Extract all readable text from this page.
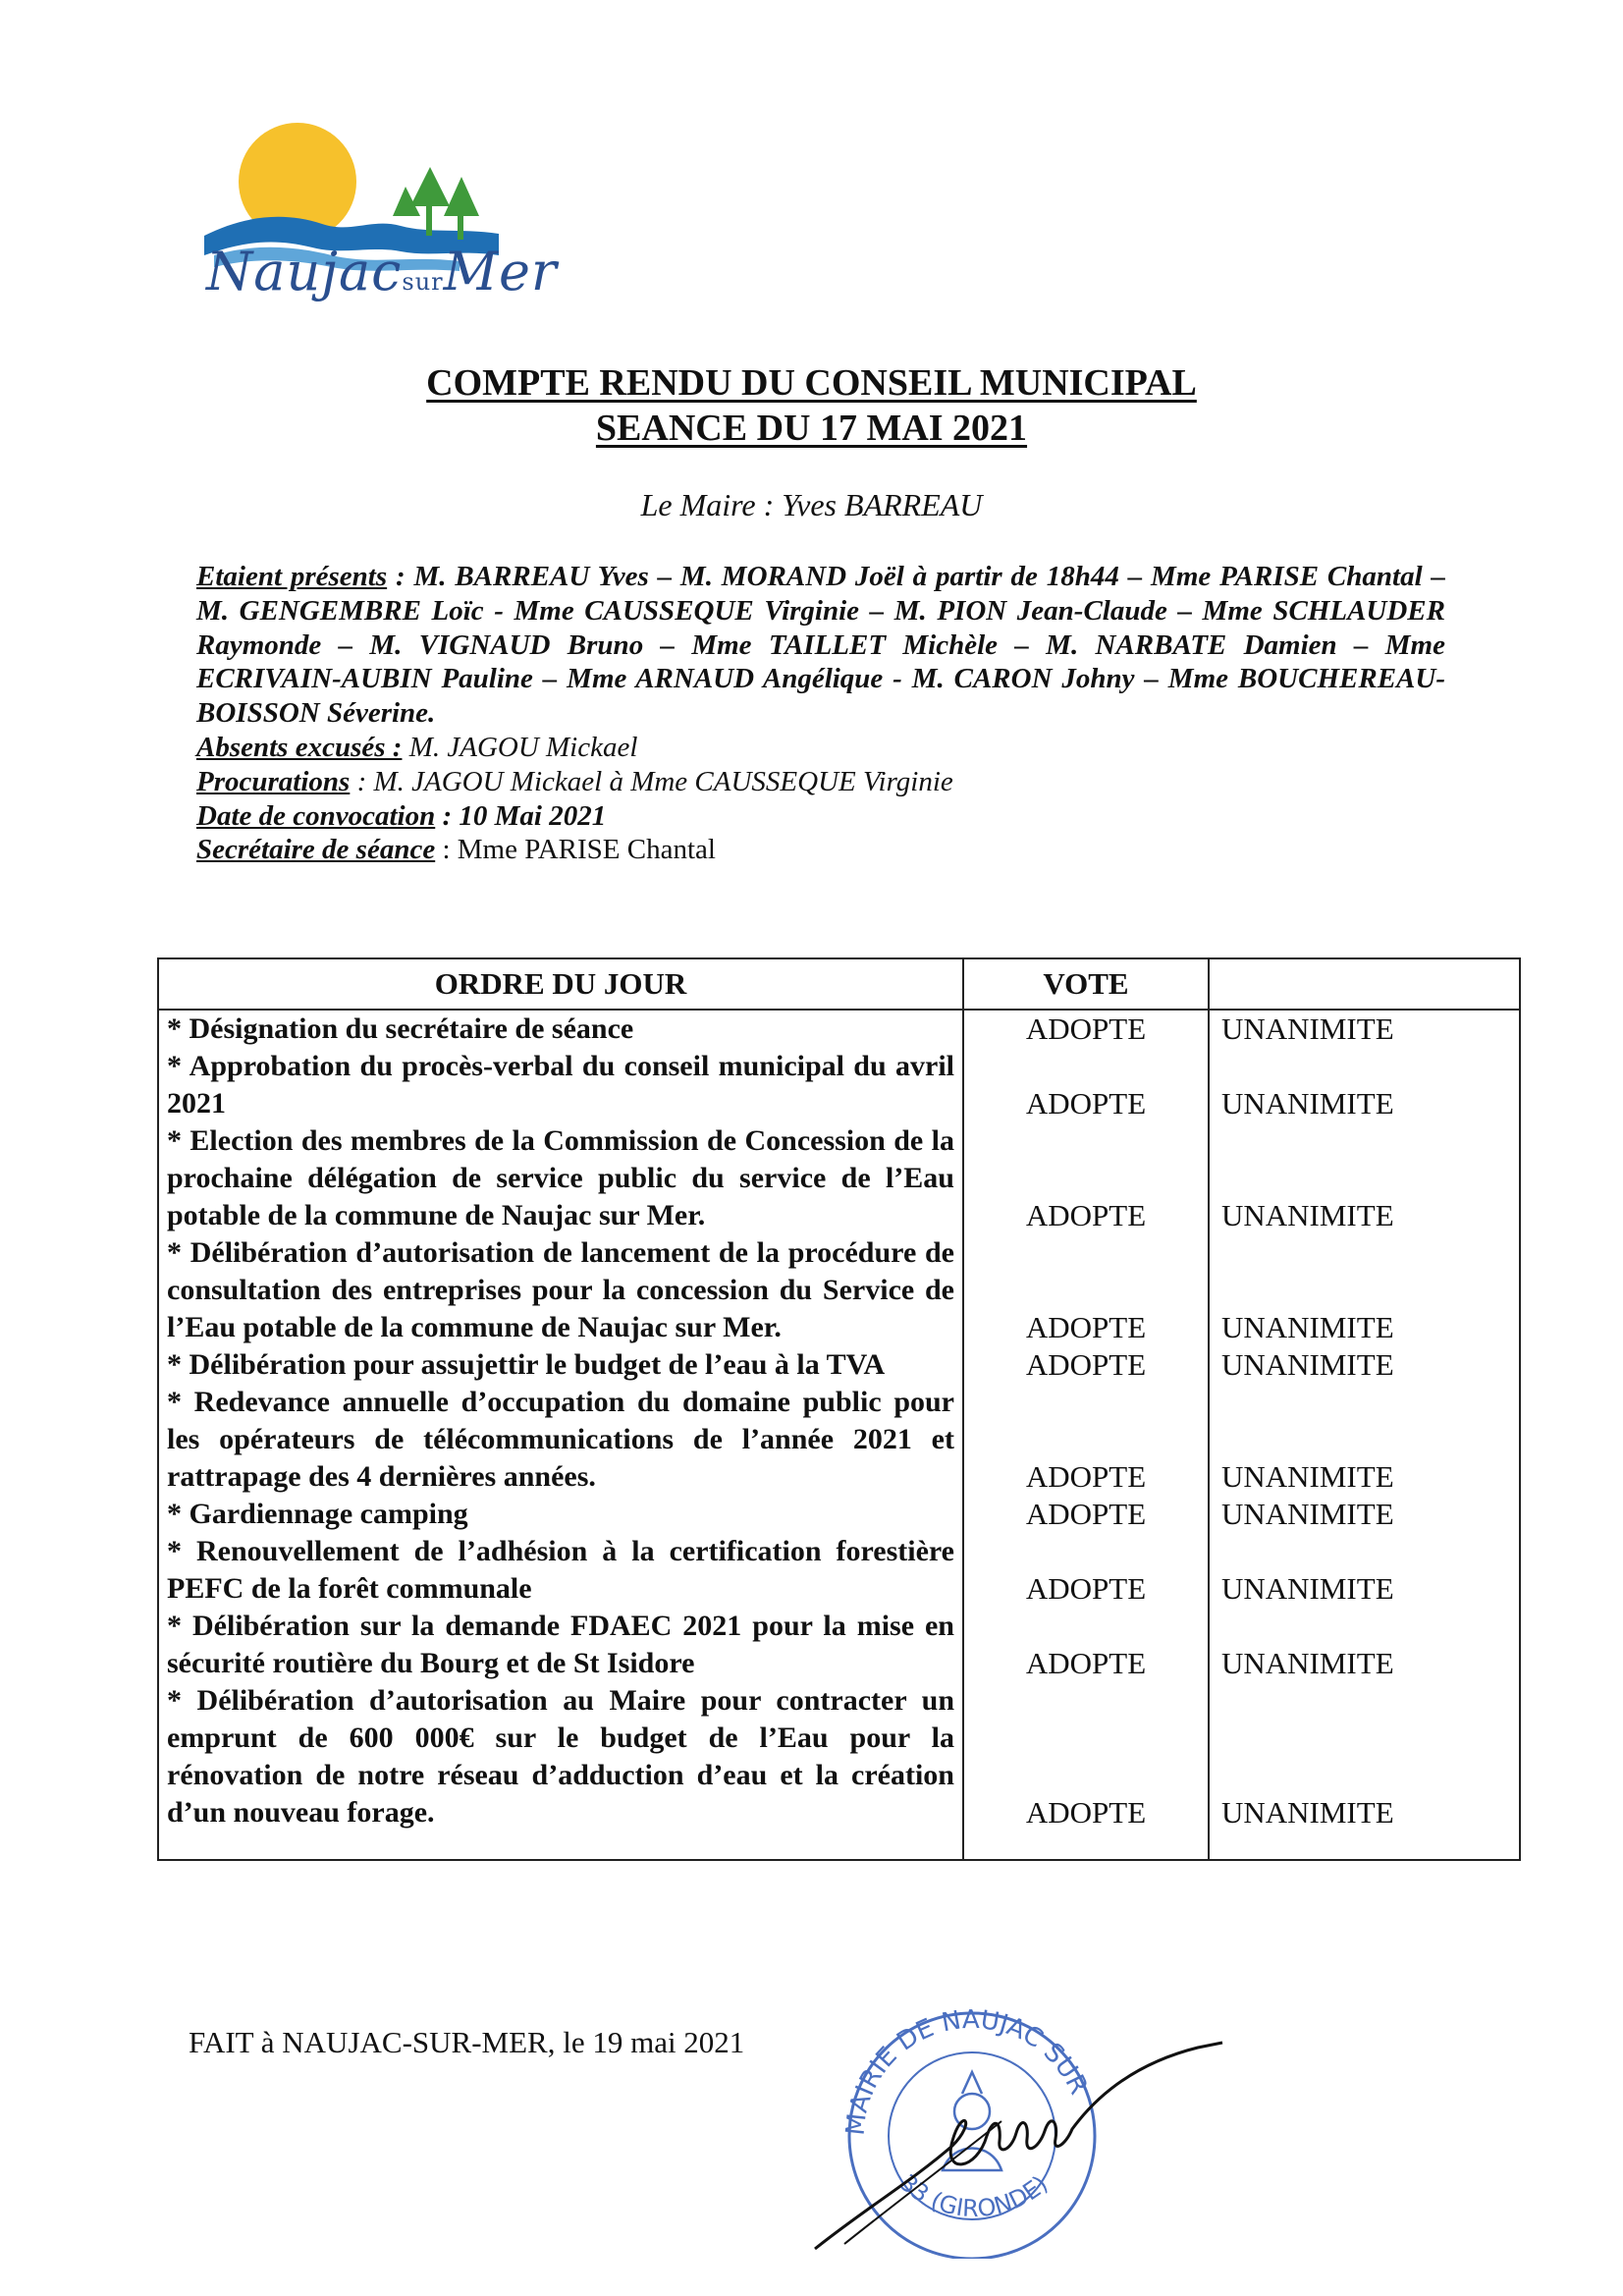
NaujacsurMer
COMPTE RENDU DU CONSEIL MUNICIPAL
SEANCE DU 17 MAI 2021
Le Maire : Yves BARREAU
Etaient présents : M. BARREAU Yves – M. MORAND Joël à partir de 18h44 – Mme PARISE Chantal – M. GENGEMBRE Loïc - Mme CAUSSEQUE Virginie – M. PION Jean-Claude – Mme SCHLAUDER Raymonde – M. VIGNAUD Bruno – Mme TAILLET Michèle – M. NARBATE Damien – Mme ECRIVAIN-AUBIN Pauline – Mme ARNAUD Angélique - M. CARON Johny – Mme BOUCHEREAU-BOISSON Séverine.
Absents excusés : M. JAGOU Mickael
Procurations : M. JAGOU Mickael à Mme CAUSSEQUE Virginie
Date de convocation : 10 Mai 2021
Secrétaire de séance : Mme PARISE Chantal
ORDRE DU JOUR	VOTE	
* Désignation du secrétaire de séance	ADOPTE	UNANIMITE
* Approbation du procès-verbal du conseil municipal du avril 2021	ADOPTE	UNANIMITE
* Election des membres de la Commission de Concession de la prochaine délégation de service public du service de l’Eau potable de la commune de Naujac sur Mer.	ADOPTE	UNANIMITE
* Délibération d’autorisation de lancement de la procédure de consultation des entreprises pour la concession du Service de l’Eau potable de la commune de Naujac sur Mer.	ADOPTE	UNANIMITE
* Délibération pour assujettir le budget de l’eau à la TVA	ADOPTE	UNANIMITE
* Redevance annuelle d’occupation du domaine public pour les opérateurs de télécommunications de l’année 2021 et rattrapage des 4 dernières années.	ADOPTE	UNANIMITE
* Gardiennage camping	ADOPTE	UNANIMITE
* Renouvellement de l’adhésion à la certification forestière PEFC de la forêt communale	ADOPTE	UNANIMITE
* Délibération sur la demande FDAEC 2021 pour la mise en sécurité routière du Bourg et de St Isidore	ADOPTE	UNANIMITE
* Délibération d’autorisation au Maire pour contracter un emprunt de 600 000€ sur le budget de l’Eau pour la rénovation de notre réseau d’adduction d’eau et la création d’un nouveau forage.	ADOPTE	UNANIMITE
FAIT à NAUJAC-SUR-MER, le 19 mai 2021
MAIRIE DE NAUJAC SUR
33 (GIRONDE)
